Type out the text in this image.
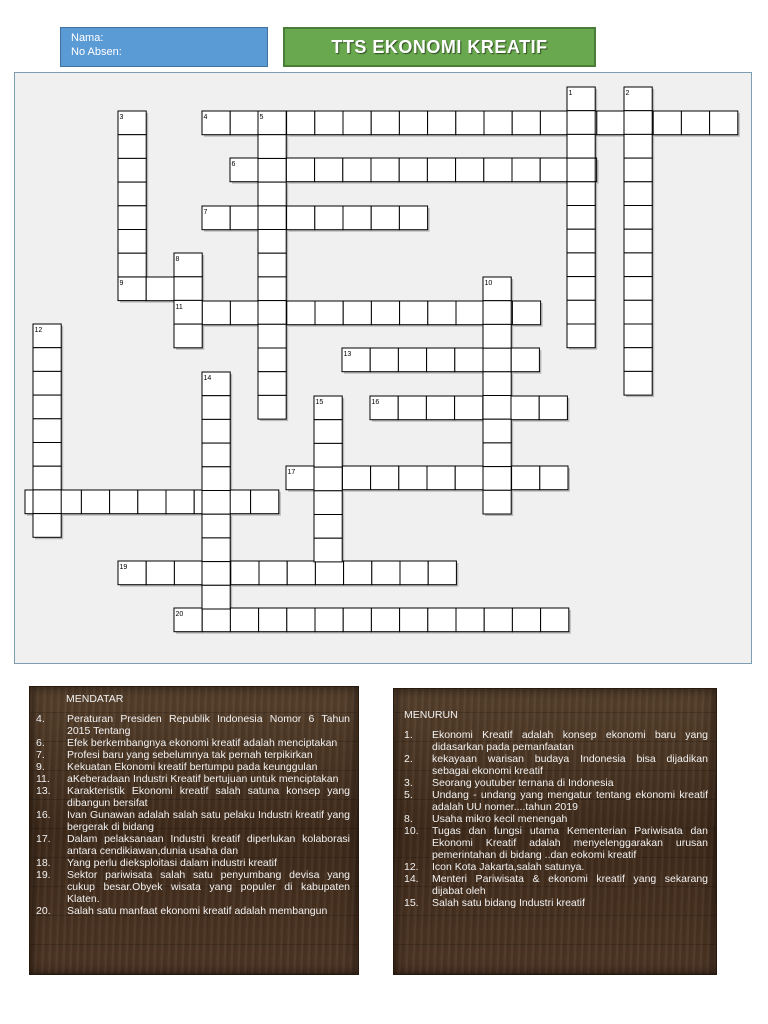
Nama:
No Absen:	TTS EKONOMI KREATIF
1	2
3	4	5
6
7
8
9	10
11
12
13
14
15	16
17
19
20
MENDATAR
4.	Peraturan Presiden Republik Indonesia Nomor 6 Tahun 2015 Tentang
6.	Efek berkembangnya ekonomi kreatif adalah menciptakan
7.	Profesi baru yang sebelumnya tak pernah terpikirkan
9.	Kekuatan Ekonomi kreatif bertumpu pada keunggulan
11.	aKeberadaan Industri Kreatif bertujuan untuk menciptakan
13.	Karakteristik Ekonomi kreatif salah satuna konsep yang dibangun bersifat
16.	Ivan Gunawan adalah salah satu pelaku Industri kreatif yang bergerak di bidang
17.	Dalam pelaksanaan Industri kreatif diperlukan kolaborasi antara cendikiawan,dunia usaha dan
18.	Yang perlu dieksploitasi dalam industri kreatif
19.	Sektor pariwisata salah satu penyumbang devisa yang cukup besar.Obyek wisata yang populer di kabupaten Klaten.
20.	Salah satu manfaat ekonomi kreatif adalah membangun
MENURUN
1.	Ekonomi Kreatif adalah konsep ekonomi baru yang didasarkan pada pemanfaatan
2.	kekayaan warisan budaya Indonesia bisa dijadikan sebagai ekonomi kreatif
3.	Seorang youtuber ternana di Indonesia
5.	Undang - undang yang mengatur tentang ekonomi kreatif adalah UU nomer....tahun 2019
8.	Usaha mikro kecil menengah
10.	Tugas dan fungsi utama Kementerian Pariwisata dan Ekonomi Kreatif adalah menyelenggarakan urusan pemerintahan di bidang ..dan eokomi kreatif
12.	Icon Kota Jakarta,salah satunya.
14.	Menteri Pariwisata & ekonomi kreatif yang sekarang dijabat oleh
15.	Salah satu bidang Industri kreatif
